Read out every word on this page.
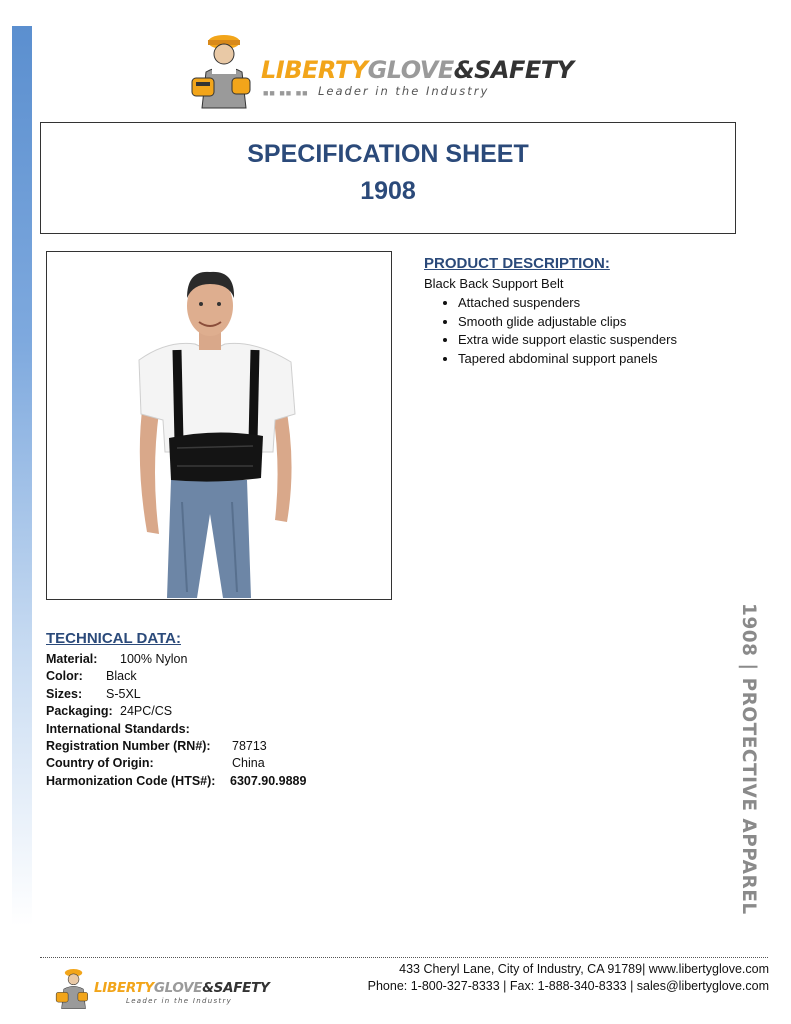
LIBERTYGLOVE&SAFETY
■■ ■■ ■■ Leader in the Industry
SPECIFICATION SHEET
1908
PRODUCT DESCRIPTION:
Black Back Support Belt
• Attached suspenders
• Smooth glide adjustable clips
• Extra wide support elastic suspenders
• Tapered abdominal support panels
TECHNICAL DATA:
Material: 100% Nylon
Color: Black
Sizes: S-5XL
Packaging: 24PC/CS
International Standards:
Registration Number (RN#): 78713
Country of Origin:	China
Harmonization Code (HTS#): 6307.90.9889	1908 | PROTECTIVE APPAREL
LIBERTYGLOVE&SAFETY
Leader in the Industry
433 Cheryl Lane, City of Industry, CA 91789| www.libertyglove.com
Phone: 1-800-327-8333 | Fax: 1-888-340-8333 | sales@libertyglove.com
